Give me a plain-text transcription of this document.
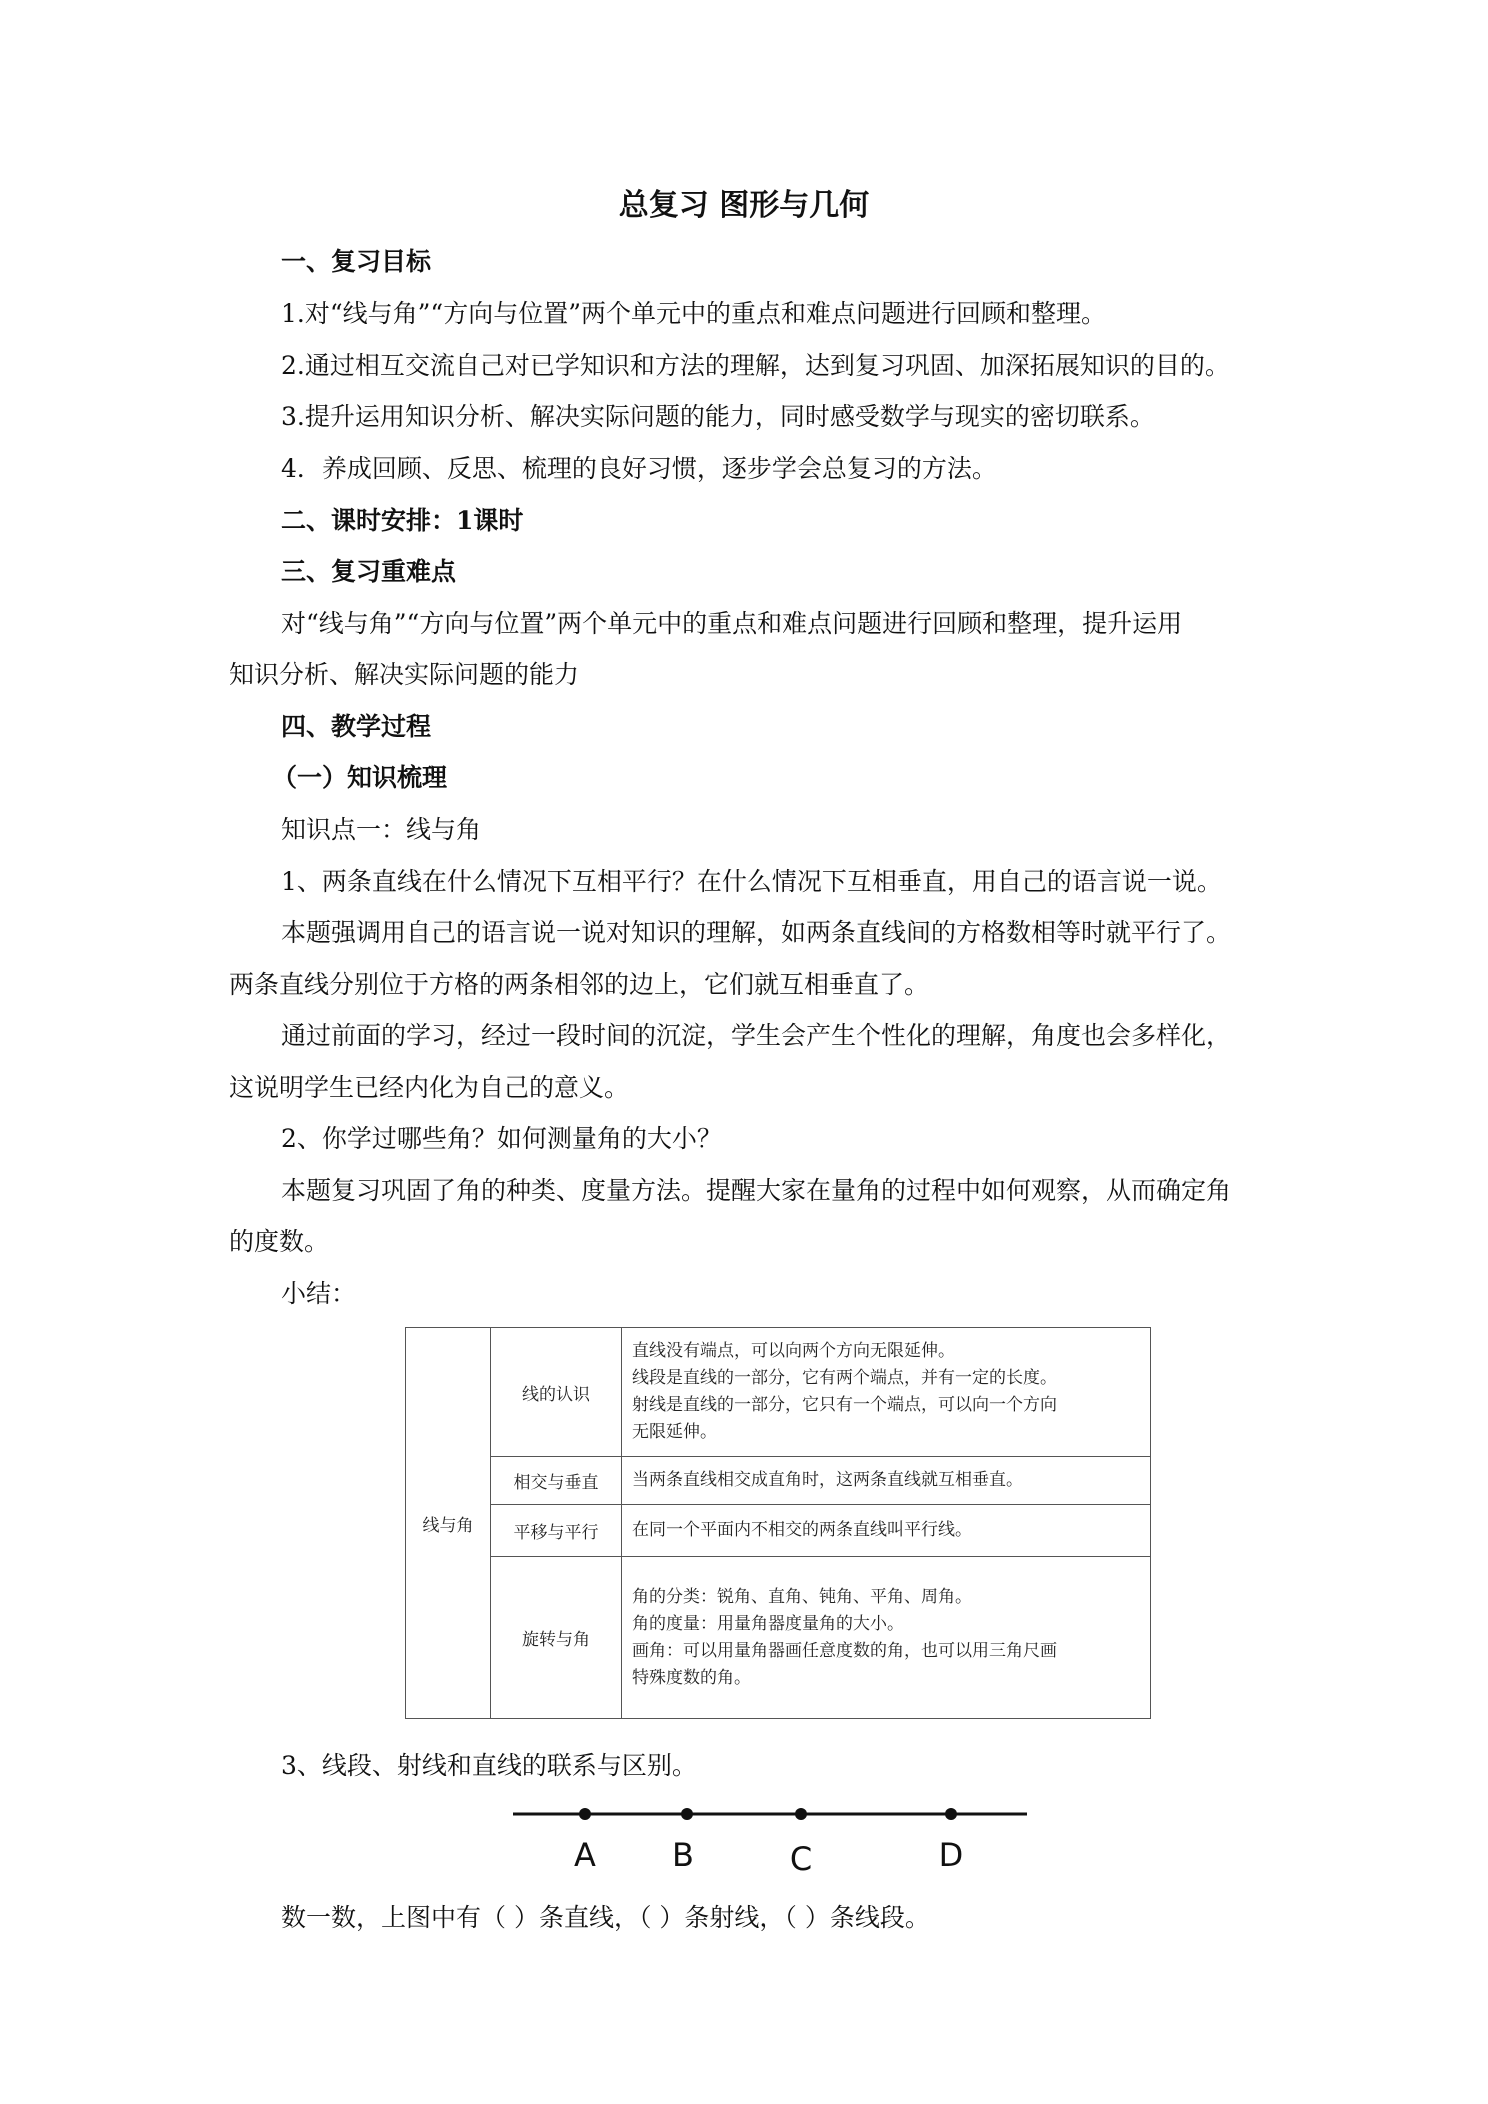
总复习 图形与几何
一、复习目标
1.对“线与角”“方向与位置”两个单元中的重点和难点问题进行回顾和整理。
2.通过相互交流自己对已学知识和方法的理解，达到复习巩固、加深拓展知识的目的。
3.提升运用知识分析、解决实际问题的能力，同时感受数学与现实的密切联系。
4．养成回顾、反思、梳理的良好习惯，逐步学会总复习的方法。
二、课时安排：1课时
三、复习重难点
对“线与角”“方向与位置”两个单元中的重点和难点问题进行回顾和整理，提升运用
知识分析、解决实际问题的能力
四、教学过程
（一）知识梳理
知识点一：线与角
1、两条直线在什么情况下互相平行？在什么情况下互相垂直，用自己的语言说一说。
本题强调用自己的语言说一说对知识的理解，如两条直线间的方格数相等时就平行了。
两条直线分别位于方格的两条相邻的边上，它们就互相垂直了。
通过前面的学习，经过一段时间的沉淀，学生会产生个性化的理解，角度也会多样化，
这说明学生已经内化为自己的意义。
2、你学过哪些角？如何测量角的大小？
本题复习巩固了角的种类、度量方法。提醒大家在量角的过程中如何观察，从而确定角
的度数。
小结：
线与角	线的认识	直线没有端点，可以向两个方向无限延伸。
线段是直线的一部分，它有两个端点，并有一定的长度。
射线是直线的一部分，它只有一个端点，可以向一个方向
无限延伸。

	相交与垂直	当两条直线相交成直角时，这两条直线就互相垂直。

	平移与平行	在同一个平面内不相交的两条直线叫平行线。

	旋转与角	角的分类：锐角、直角、钝角、平角、周角。
角的度量：用量角器度量角的大小。
画角：可以用量角器画任意度数的角，也可以用三角尺画
特殊度数的角。
3、线段、射线和直线的联系与区别。
A B	C	D
数一数，上图中有（ ）条直线，（ ）条射线，（ ）条线段。
